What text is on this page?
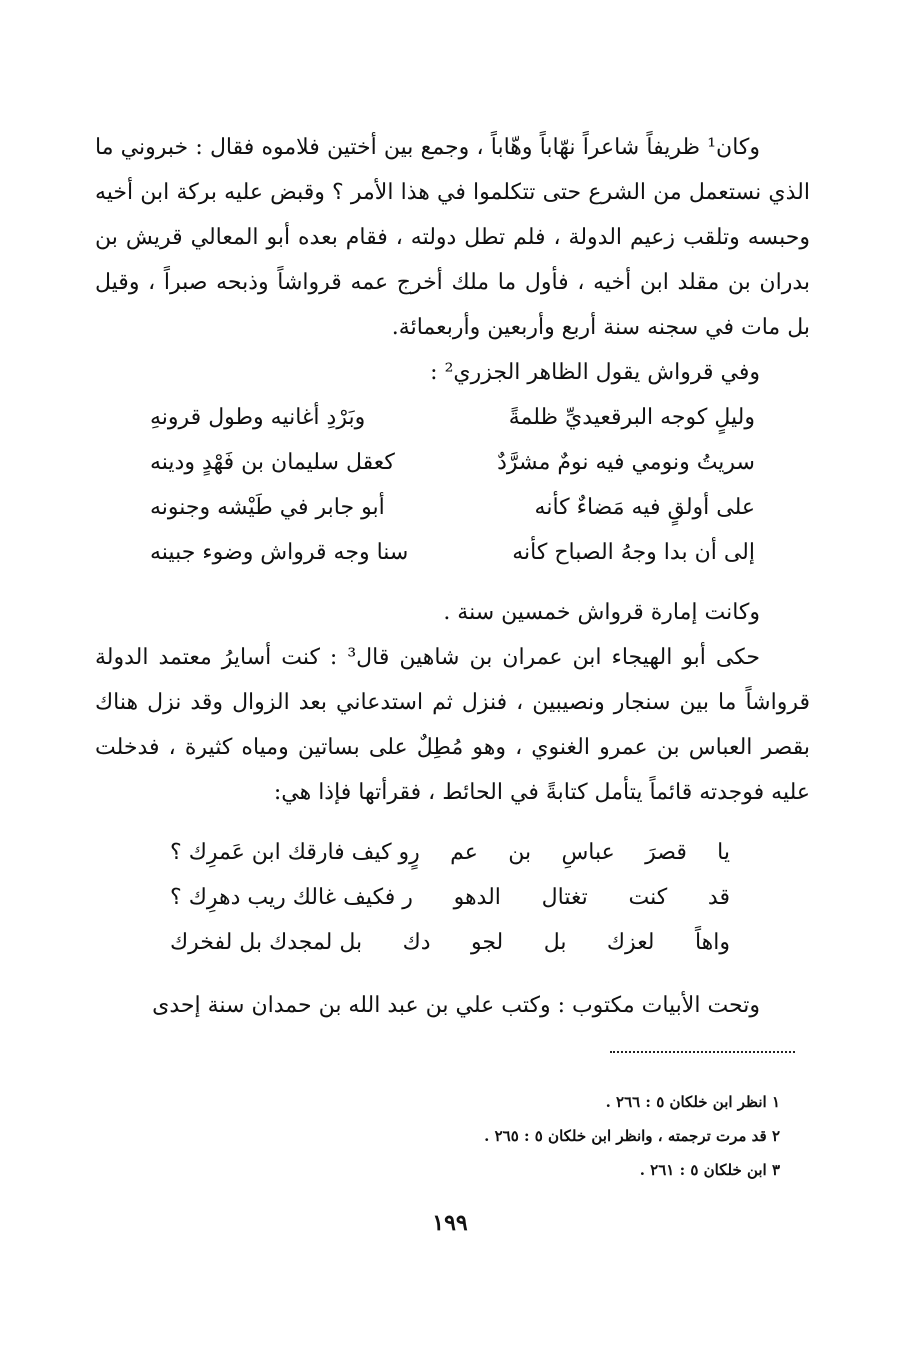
وكان¹ ظريفاً شاعراً نهّاباً وهّاباً ، وجمع بين أختين فلاموه فقال : خبروني ما الذي نستعمل من الشرع حتى تتكلموا في هذا الأمر ؟ وقبض عليه بركة ابن أخيه وحبسه وتلقب زعيم الدولة ، فلم تطل دولته ، فقام بعده أبو المعالي قريش بن بدران بن مقلد ابن أخيه ، فأول ما ملك أخرج عمه قرواشاً وذبحه صبراً ، وقيل بل مات في سجنه سنة أربع وأربعين وأربعمائة.

وفي قرواش يقول الظاهر الجزري² :

وليلٍ كوجه البرقعيديِّ ظلمةً
وبَرْدِ أغانيه وطول قرونهِ
سريتُ ونومي فيه نومٌ مشرَّدٌ
كعقل سليمان بن فَهْدٍ ودينه
على أولقٍ فيه مَضاءٌ كأنه
أبو جابر في طَيْشه وجنونه
إلى أن بدا وجهُ الصباح كأنه
سنا وجه قرواش وضوء جبينه

وكانت إمارة قرواش خمسين سنة .

حكى أبو الهيجاء ابن عمران بن شاهين قال³ : كنت أسايرُ معتمد الدولة قرواشاً ما بين سنجار ونصيبين ، فنزل ثم استدعاني بعد الزوال وقد نزل هناك بقصر العباس بن عمرو الغنوي ، وهو مُطِلٌ على بساتين ومياه كثيرة ، فدخلت عليه فوجدته قائماً يتأمل كتابةً في الحائط ، فقرأتها فإذا هي:

يا
قصرَ
عباسِ
بن
عم
رٍو كيف فارقك ابن عَمرِك ؟
قد
كنت
تغتال
الدهو
ر فكيف غالك ريب دهرِك ؟
واهاً
لعزك
بل
لجو
دك
بل لمجدك بل لفخرك

وتحت الأبيات مكتوب : وكتب علي بن عبد الله بن حمدان سنة إحدى

١ انظر ابن خلكان ٥ : ٢٦٦ .
٢ قد مرت ترجمته ، وانظر ابن خلكان ٥ : ٢٦٥ .
٣ ابن خلكان ٥ : ٢٦١ .
١٩٩
